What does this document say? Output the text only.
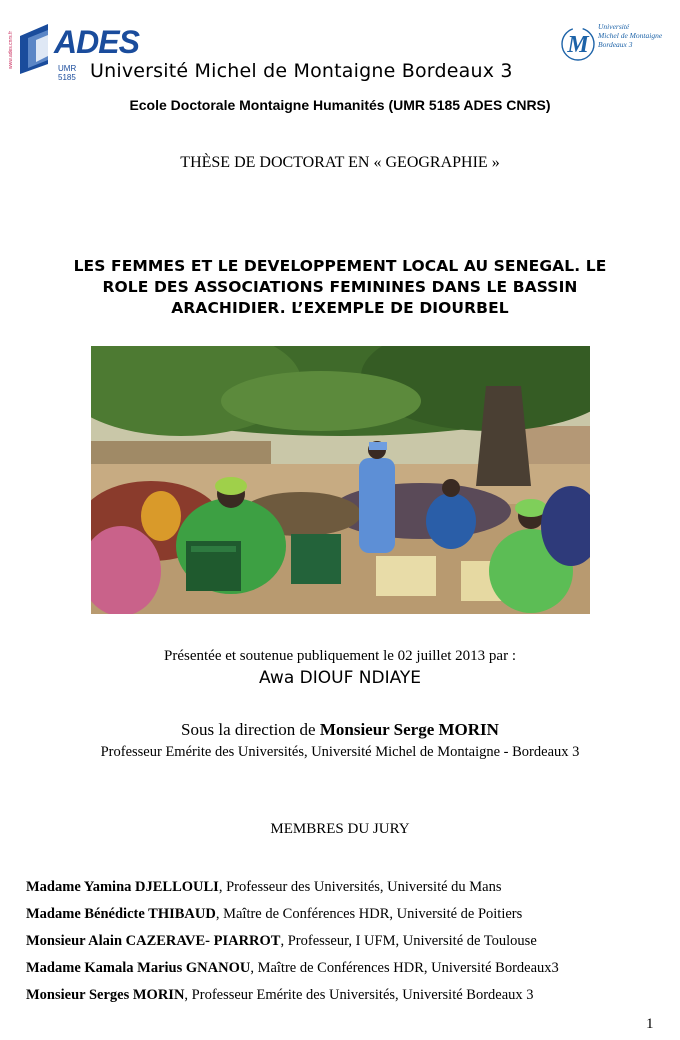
www.ades.cnrs.fr ADES
UMR 5185 Université Michel de Montaigne Bordeaux 3
M
Université
Michel de Montaigne
Bordeaux 3
Ecole Doctorale Montaigne Humanités (UMR 5185 ADES CNRS)
THÈSE DE DOCTORAT EN « GEOGRAPHIE »
LES FEMMES ET LE DEVELOPPEMENT LOCAL AU SENEGAL. LE
ROLE DES ASSOCIATIONS FEMININES DANS LE BASSIN
ARACHIDIER. L’EXEMPLE DE DIOURBEL
Présentée et soutenue publiquement le 02 juillet 2013 par :
Awa DIOUF NDIAYE
Sous la direction de Monsieur Serge MORIN
Professeur Emérite des Universités, Université Michel de Montaigne - Bordeaux 3
MEMBRES DU JURY
Madame Yamina DJELLOULI, Professeur des Universités, Université du Mans
Madame Bénédicte THIBAUD, Maître de Conférences HDR, Université de Poitiers
Monsieur Alain CAZERAVE- PIARROT, Professeur, I UFM, Université de Toulouse
Madame Kamala Marius GNANOU, Maître de Conférences HDR, Université Bordeaux3
Monsieur Serges MORIN, Professeur Emérite des Universités, Université Bordeaux 3
1
